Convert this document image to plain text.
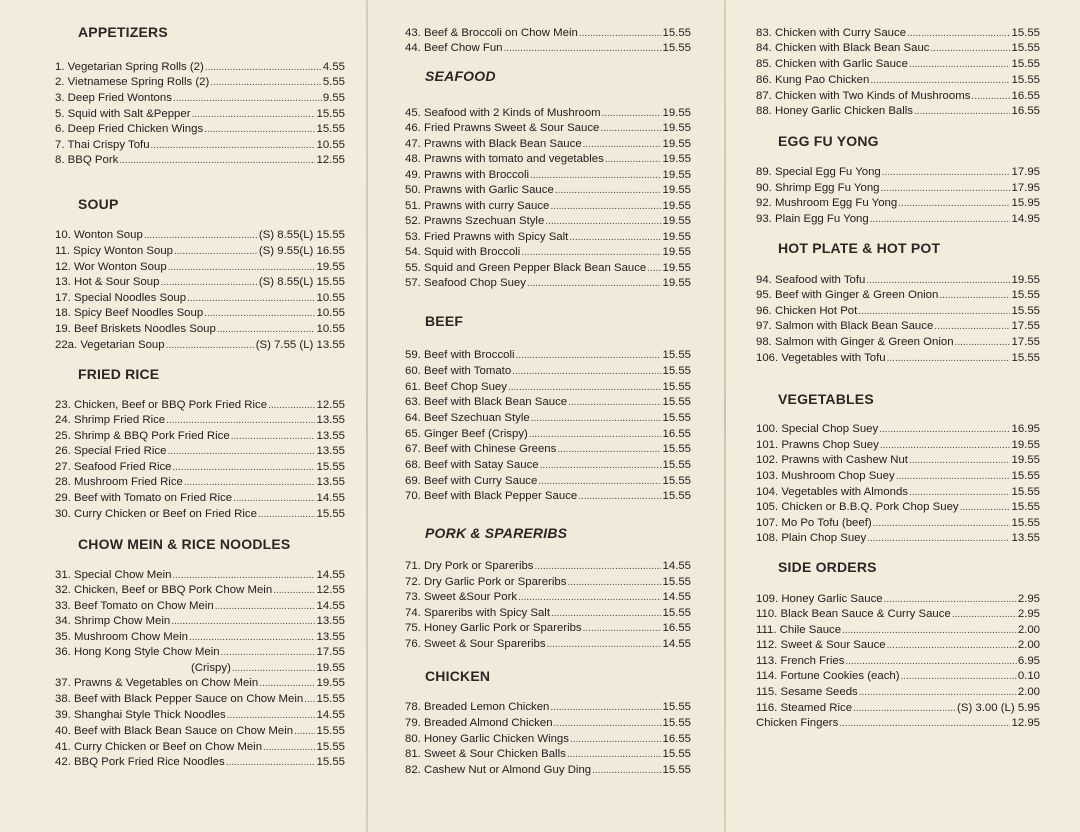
APPETIZERS
1. Vegetarian Spring Rolls (2) .....	4.55
2. Vietnamese Spring Rolls (2) .....	5.55
3. Deep Fried Wontons .....	9.55
5. Squid with Salt &Pepper .....	15.55
6. Deep Fried Chicken Wings .....	15.55
7. Thai Crispy Tofu .....	10.55
8. BBQ Pork .....	12.55
SOUP
10. Wonton Soup .....	(S) 8.55(L) 15.55
11. Spicy Wonton Soup .....	(S) 9.55(L) 16.55
12. Wor Wonton Soup .....	19.55
13. Hot & Sour Soup .....	(S) 8.55(L) 15.55
17. Special Noodles Soup .....	10.55
18. Spicy Beef Noodles Soup .....	10.55
19. Beef Briskets Noodles Soup .....	10.55
22a. Vegetarian Soup .....	(S) 7.55 (L) 13.55
FRIED RICE
23. Chicken, Beef or BBQ Pork Fried Rice .....	12.55
24. Shrimp Fried Rice .....	13.55
25. Shrimp & BBQ Pork Fried Rice .....	13.55
26. Special Fried Rice .....	13.55
27. Seafood Fried Rice .....	15.55
28. Mushroom Fried Rice .....	13.55
29. Beef with Tomato on Fried Rice .....	14.55
30. Curry Chicken or Beef on Fried Rice .....	15.55
CHOW MEIN & RICE NOODLES
31. Special Chow Mein .....	14.55
32. Chicken, Beef or BBQ Pork Chow Mein .....	12.55
33. Beef Tomato on Chow Mein .....	14.55
34. Shrimp Chow Mein .....	13.55
35. Mushroom Chow Mein .....	13.55
36. Hong Kong Style Chow Mein .....	17.55
(Crispy) .....	19.55
37. Prawns & Vegetables on Chow Mein .....	19.55
38. Beef with Black Pepper Sauce on Chow Mein ..... 15.55
39. Shanghai Style Thick Noodles .....	14.55
40. Beef with Black Bean Sauce on Chow Mein ..... 15.55
41. Curry Chicken or Beef on Chow Mein .....	15.55
42. BBQ Pork Fried Rice Noodles .....	15.55
43. Beef & Broccoli on Chow Mein .....	15.55
44. Beef Chow Fun .....	15.55
SEAFOOD
45. Seafood with 2 Kinds of Mushroom .....	19.55
46. Fried Prawns Sweet & Sour Sauce .....	19.55
47. Prawns with Black Bean Sauce .....	19.55
48. Prawns with tomato and vegetables .....	19.55
49. Prawns with Broccoli .....	19.55
50. Prawns with Garlic Sauce .....	19.55
51. Prawns with curry Sauce .....	19.55
52. Prawns Szechuan Style .....	19.55
53. Fried Prawns with Spicy Salt .....	19.55
54. Squid with Broccoli .....	19.55
55. Squid and Green Pepper Black Bean Sauce ..... 19.55
57. Seafood Chop Suey .....	19.55
BEEF
59. Beef with Broccoli .....	15.55
60. Beef with Tomato .....	15.55
61. Beef Chop Suey .....	15.55
63. Beef with Black Bean Sauce .....	15.55
64. Beef Szechuan Style .....	15.55
65. Ginger Beef (Crispy) .....	16.55
67. Beef with Chinese Greens .....	15.55
68. Beef with Satay Sauce .....	15.55
69. Beef with Curry Sauce .....	15.55
70. Beef with Black Pepper Sauce .....	15.55
PORK & SPARERIBS
71. Dry Pork or Spareribs .....	14.55
72. Dry Garlic Pork or Spareribs .....	15.55
73. Sweet &Sour Pork .....	14.55
74. Spareribs with Spicy Salt .....	15.55
75. Honey Garlic Pork or Spareribs .....	16.55
76. Sweet & Sour Spareribs .....	14.55
CHICKEN
78. Breaded Lemon Chicken .....	15.55
79. Breaded Almond Chicken .....	15.55
80. Honey Garlic Chicken Wings .....	16.55
81. Sweet & Sour Chicken Balls .....	15.55
82. Cashew Nut or Almond Guy Ding .....	15.55
83. Chicken with Curry Sauce .....	15.55
84. Chicken with Black Bean Sauc .....	15.55
85. Chicken with Garlic Sauce .....	15.55
86. Kung Pao Chicken .....	15.55
87. Chicken with Two Kinds of Mushrooms .....	16.55
88. Honey Garlic Chicken Balls .....	16.55
EGG FU YONG
89. Special Egg Fu Yong .....	17.95
90. Shrimp Egg Fu Yong .....	17.95
92. Mushroom Egg Fu Yong .....	15.95
93. Plain Egg Fu Yong .....	14.95
HOT PLATE & HOT POT
94. Seafood with Tofu .....	19.55
95. Beef with Ginger & Green Onion .....	15.55
96. Chicken Hot Pot .....	15.55
97. Salmon with Black Bean Sauce .....	17.55
98. Salmon with Ginger & Green Onion .....	17.55
106. Vegetables with Tofu .....	15.55
VEGETABLES
100. Special Chop Suey .....	16.95
101. Prawns Chop Suey .....	19.55
102. Prawns with Cashew Nut .....	19.55
103. Mushroom Chop Suey .....	15.55
104. Vegetables with Almonds .....	15.55
105. Chicken or B.B.Q. Pork Chop Suey .....	15.55
107. Mo Po Tofu (beef) .....	15.55
108. Plain Chop Suey .....	13.55
SIDE ORDERS
109. Honey Garlic Sauce .....	2.95
110. Black Bean Sauce & Curry Sauce .....	2.95
111. Chile Sauce .....	2.00
112. Sweet & Sour Sauce .....	2.00
113. French Fries .....	6.95
114. Fortune Cookies (each) .....	0.10
115. Sesame Seeds .....	2.00
116. Steamed Rice .....	(S) 3.00 (L) 5.95
Chicken Fingers .....	12.95
